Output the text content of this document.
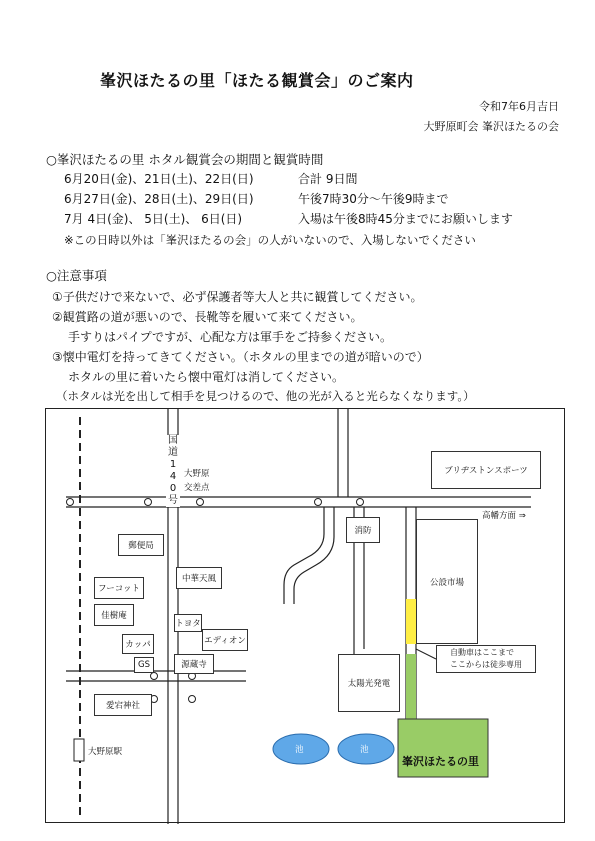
峯沢ほたるの里「ほたる観賞会」のご案内
令和7年6月吉日
大野原町会 峯沢ほたるの会
○峯沢ほたるの里 ホタル観賞会の期間と観賞時間
6月20日(金)、21日(土)、22日(日)	合計 9日間
6月27日(金)、28日(土)、29日(日)	午後7時30分～午後9時まで
7月 4日(金)、 5日(土)、 6日(日)	入場は午後8時45分までにお願いします
※この日時以外は「峯沢ほたるの会」の人がいないので、入場しないでください
○注意事項
①子供だけで来ないで、必ず保護者等大人と共に観賞してください。
②観賞路の道が悪いので、長靴等を履いて来てください。
手すりはパイプですが、心配な方は軍手をご持参ください。
③懐中電灯を持ってきてください。（ホタルの里までの道が暗いので）
ホタルの里に着いたら懐中電灯は消してください。
（ホタルは光を出して相手を見つけるので、他の光が入ると光らなくなります。）
国
道
1
4
0
号
大野原
交差点
ブリヂストンスポーツ
高幡方面 ⇒
消防
郵便局
中華天風
フーコット
佳樹庵
トヨタ
エディオン
カッパ
GS	源蔵寺
公設市場
自動車はここまで
ここからは徒歩専用
太陽光発電
愛宕神社
大野原駅	池	池
峯沢ほたるの里
